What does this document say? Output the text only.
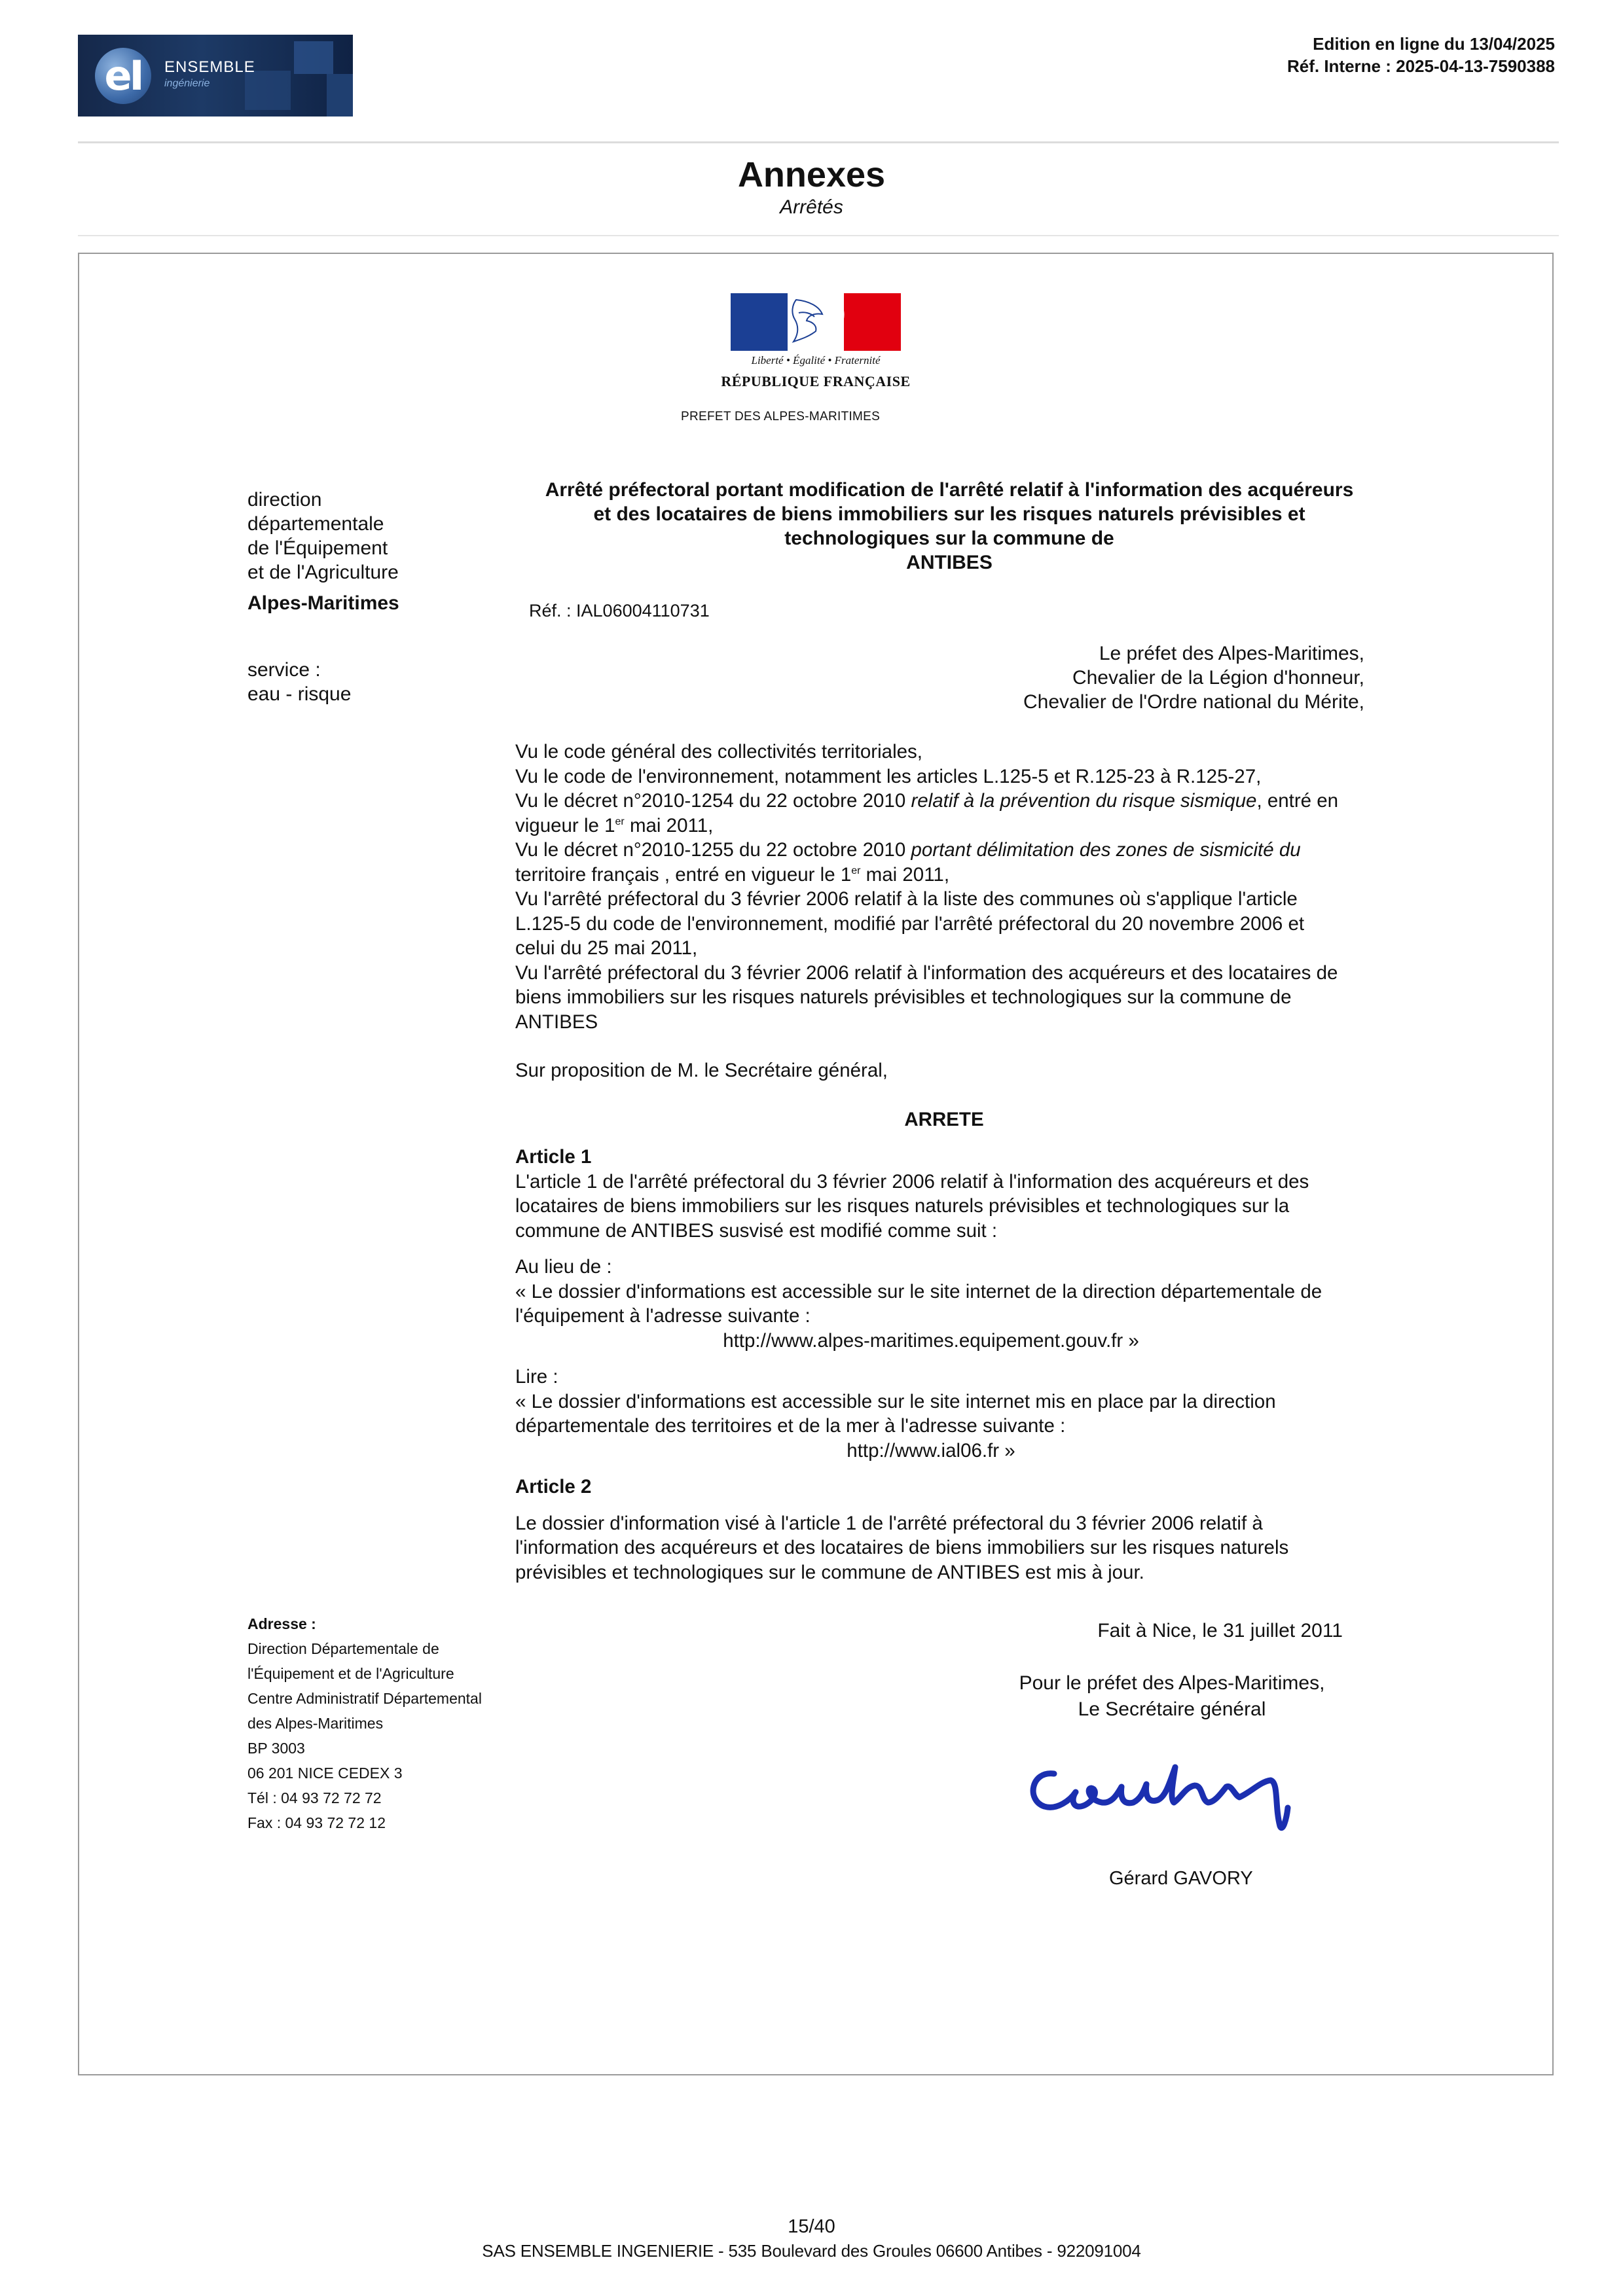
eI	ENSEMBLE
ingénierie
Edition en ligne du 13/04/2025
Réf. Interne : 2025-04-13-7590388
Annexes
Arrêtés
Liberté • Égalité • Fraternité
RÉPUBLIQUE FRANÇAISE
PREFET DES ALPES-MARITIMES
direction
départementale
de l'Équipement
et de l'Agriculture
Alpes-Maritimes
service :
eau - risque
Arrêté préfectoral portant modification de l'arrêté relatif à l'information des acquéreurs
et des locataires de biens immobiliers sur les risques naturels prévisibles et
technologiques sur la commune de
ANTIBES
Réf. : IAL06004110731
Le préfet des Alpes-Maritimes,
Chevalier de la Légion d'honneur,
Chevalier de l'Ordre national du Mérite,

Vu le code général des collectivités territoriales,

Vu le code de l'environnement, notamment les articles L.125-5 et R.125-23 à R.125-27,

Vu le décret n°2010-1254 du 22 octobre 2010 relatif à la prévention du risque sismique, entré en vigueur le 1er mai 2011,

Vu le décret n°2010-1255 du 22 octobre 2010 portant délimitation des zones de sismicité du
territoire français , entré en vigueur le 1er mai 2011,

Vu l'arrêté préfectoral du 3 février 2006 relatif à la liste des communes où s'applique l'article L.125-5 du code de l'environnement, modifié par l'arrêté préfectoral du 20 novembre 2006 et celui du 25 mai 2011,

Vu l'arrêté préfectoral du 3 février 2006 relatif à l'information des acquéreurs et des locataires de biens immobiliers sur les risques naturels prévisibles et technologiques sur la commune de ANTIBES

Sur proposition de M. le Secrétaire général,

ARRETE

Article 1

L'article 1 de l'arrêté préfectoral du 3 février 2006 relatif à l'information des acquéreurs et des locataires de biens immobiliers sur les risques naturels prévisibles et technologiques sur la commune de ANTIBES susvisé est modifié comme suit :

Au lieu de :

« Le dossier d'informations est accessible sur le site internet de la direction départementale de l'équipement à l'adresse suivante :

http://www.alpes-maritimes.equipement.gouv.fr »

Lire :

« Le dossier d'informations est accessible sur le site internet mis en place par la direction départementale des territoires et de la mer à l'adresse suivante :

http://www.ial06.fr »

Article 2

Le dossier d'information visé à l'article 1 de l'arrêté préfectoral du 3 février 2006 relatif à l'information des acquéreurs et des locataires de biens immobiliers sur les risques naturels prévisibles et technologiques sur le commune de ANTIBES est mis à jour.

Adresse :
Direction Départementale de
l'Équipement et de l'Agriculture
Centre Administratif Départemental
des Alpes-Maritimes
BP 3003
06 201 NICE CEDEX 3
Tél : 04 93 72 72 72
Fax : 04 93 72 72 12
Fait à Nice, le 31 juillet 2011
Pour le préfet des Alpes-Maritimes,
Le Secrétaire général
Gérard GAVORY
15/40
SAS ENSEMBLE INGENIERIE - 535 Boulevard des Groules 06600 Antibes - 922091004
